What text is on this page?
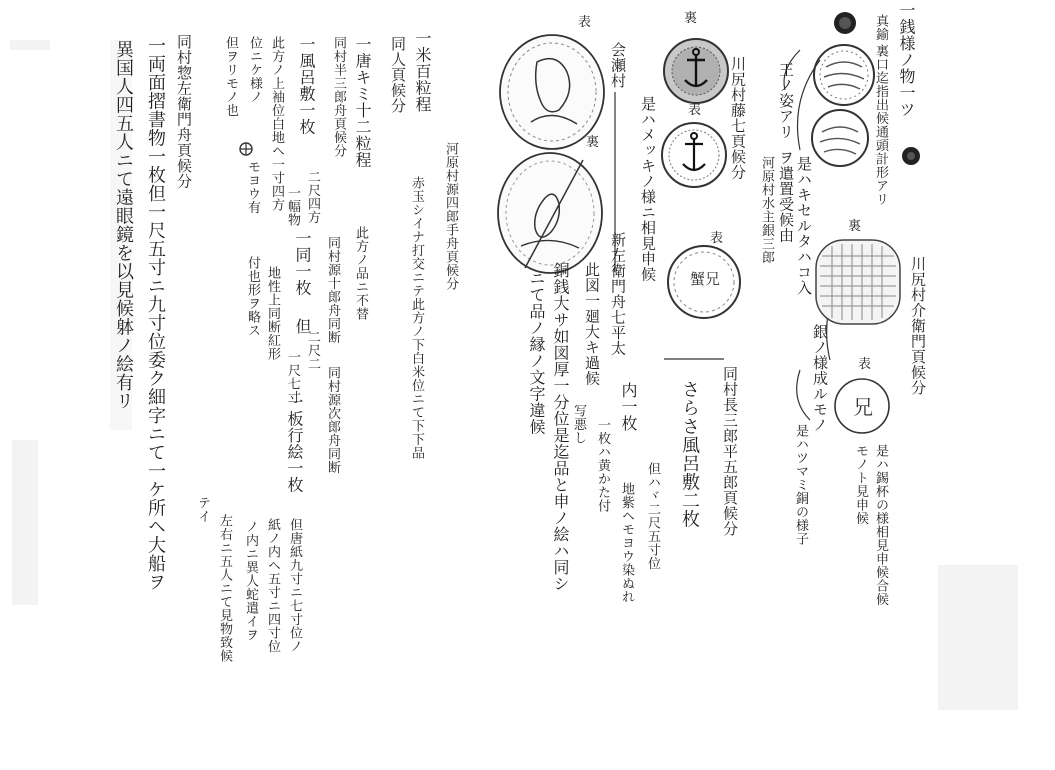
兄
蟹兄
一銭様ノ物一ツ
真鍮
裏口迄指出候通頭計形アリ
川尻村介衛門頁候分
是ハキセルタハコ入
ヲ遣置受候由
河原村水主銀三郎
王ノ姿アリ
銀ノ様成ルモノ
是ハツマミ銅の様子	是ハ錫杯の様相見申候合候
モノト見申候
川尻村藤七頁候分
是ハメッキノ様ニ相見申候
会瀬村
新左衛門舟七平太
同村長三郎平五郎頁候分
さらさ風呂敷二枚
内一枚
一枚ハ黄かた付	但ハヾ二尺五寸位
地紫ヘモヨウ染ぬれ
此図一廻大キ過候
写悪し
銅銭大サ如図厚一分位是迄品と申ノ絵ハ同シ
ニて品ノ縁ノ文字違候
河原村源四郎手舟頁候分
一米百粒程
赤玉シイナ打交ニテ此方ノ下白米位ニて下下品
同人頁候分
一唐キミ十二粒程
此方ノ品ニ不替
同村半三郎舟頁候分
同村源十郎舟同断
同村源次郎舟同断
一風呂敷一枚
二尺四方
一幅物
一同一枚
但
二尺二
一尺七寸
一板行絵一枚
但唐紙九寸ニ七寸位ノ
紙ノ内ヘ五寸ニ四寸位
ノ内ニ異人蛇遣イヲ
左右ニ五人ニて見物致候
テイ
此方ノ上袖位白地ヘ一寸四方
地性上同断紅形
位ニケ様ノ
モヨウ有
付也形ヲ略ス
但ヲリモノ也
同村惣左衛門舟頁候分
一両面摺書物一枚但一尺五寸ニ九寸位委ク細字ニて一ケ所ヘ大船ヲ
異国人四五人ニて遠眼鏡を以見候躰ノ絵有リ	裏
表
裏
表
表
表
裏
